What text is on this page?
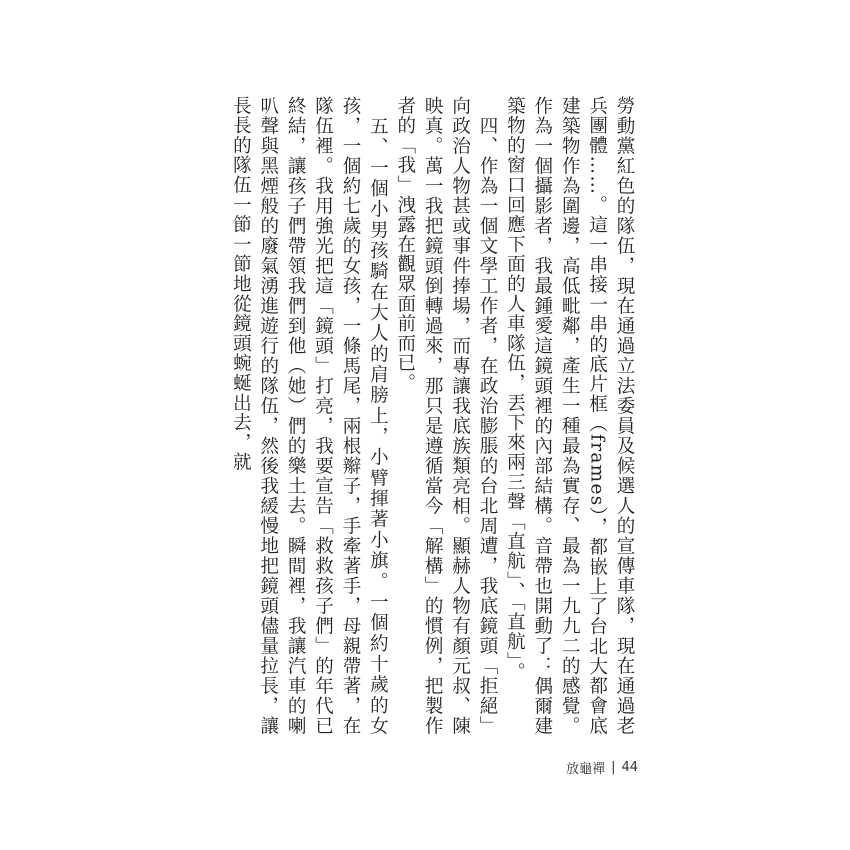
勞動黨紅色的隊伍，現在通過立法委員及候選人的宣傳車隊，現在通過老兵團體……。這一串接一串的底片框（frames），都嵌上了台北大都會底建築物作為圍邊，高低毗鄰，產生一種最為實存、最為一九九二的感覺。作為一個攝影者，我最鍾愛這鏡頭裡的內部結構。音帶也開動了：偶爾建築物的窗口回應下面的人車隊伍，丟下來兩三聲「直航」、「直航」。

　四、作為一個文學工作者，在政治膨脹的台北周遭，我底鏡頭「拒絕」向政治人物甚或事件捧場，而專讓我底族類亮相。顯赫人物有顏元叔、陳映真。萬一我把鏡頭倒轉過來，那只是遵循當今「解構」的慣例，把製作者的「我」洩露在觀眾面前而已。

　五、一個小男孩騎在大人的肩膀上，小臂揮著小旗。一個約十歲的女孩，一個約七歲的女孩，一條馬尾，兩根辮子，手牽著手，母親帶著，在隊伍裡。我用強光把這「鏡頭」打亮，我要宣告「救救孩子們」的年代已終結，讓孩子們帶領我們到他（她）們的樂土去。瞬間裡，我讓汽車的喇叭聲與黑煙般的廢氣湧進遊行的隊伍，然後我緩慢地把鏡頭儘量拉長，讓長長的隊伍一節一節地從鏡頭蜿蜒出去，就

放龜禪 | 44
